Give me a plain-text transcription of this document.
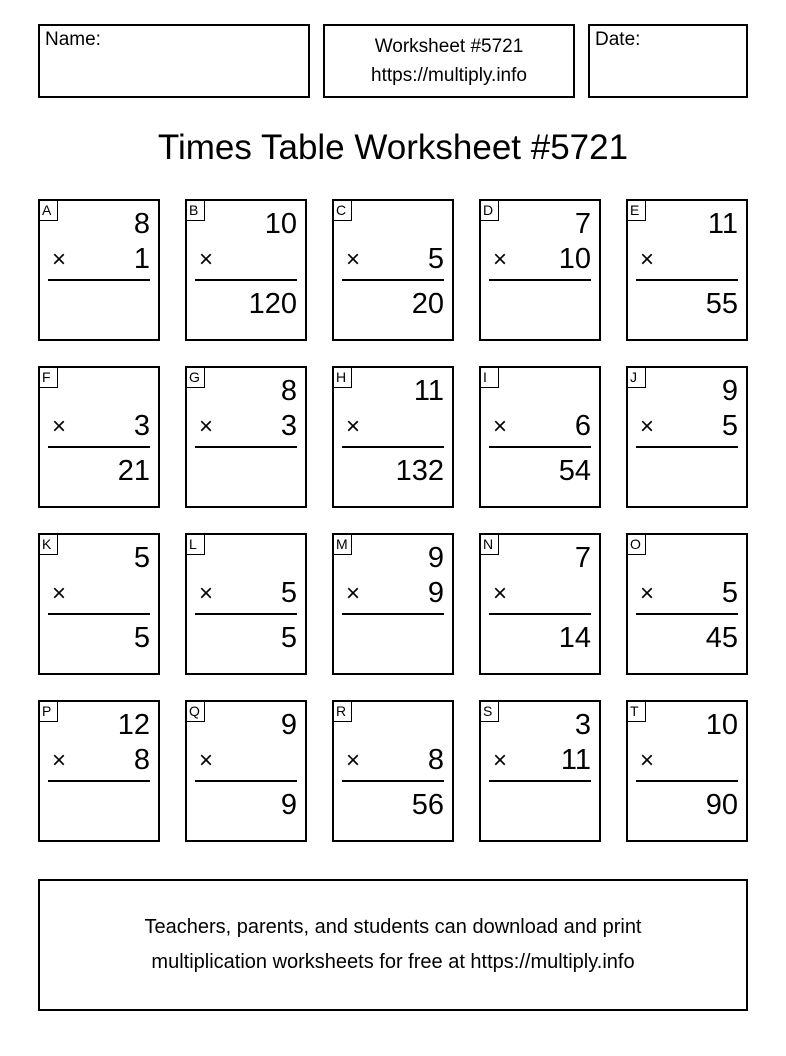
Name:	Worksheet #5721
https://multiply.info
Date:
Times Table Worksheet #5721
A	8
× 1
B 10
×
120
C
× 5
20
D	7
× 10
E 11
×
55
F
× 3
21
G	8
× 3
H 11
×
132
I
× 6
54
J	9
× 5
K	5
×
5
L
× 5
5
M	9
× 9
N	7
×
14
O
× 5
45
P 12
× 8
Q	9
×
9
R
× 8
56
S	3
× 11
T 10
×
90
Teachers, parents, and students can download and print
multiplication worksheets for free at https://multiply.info
